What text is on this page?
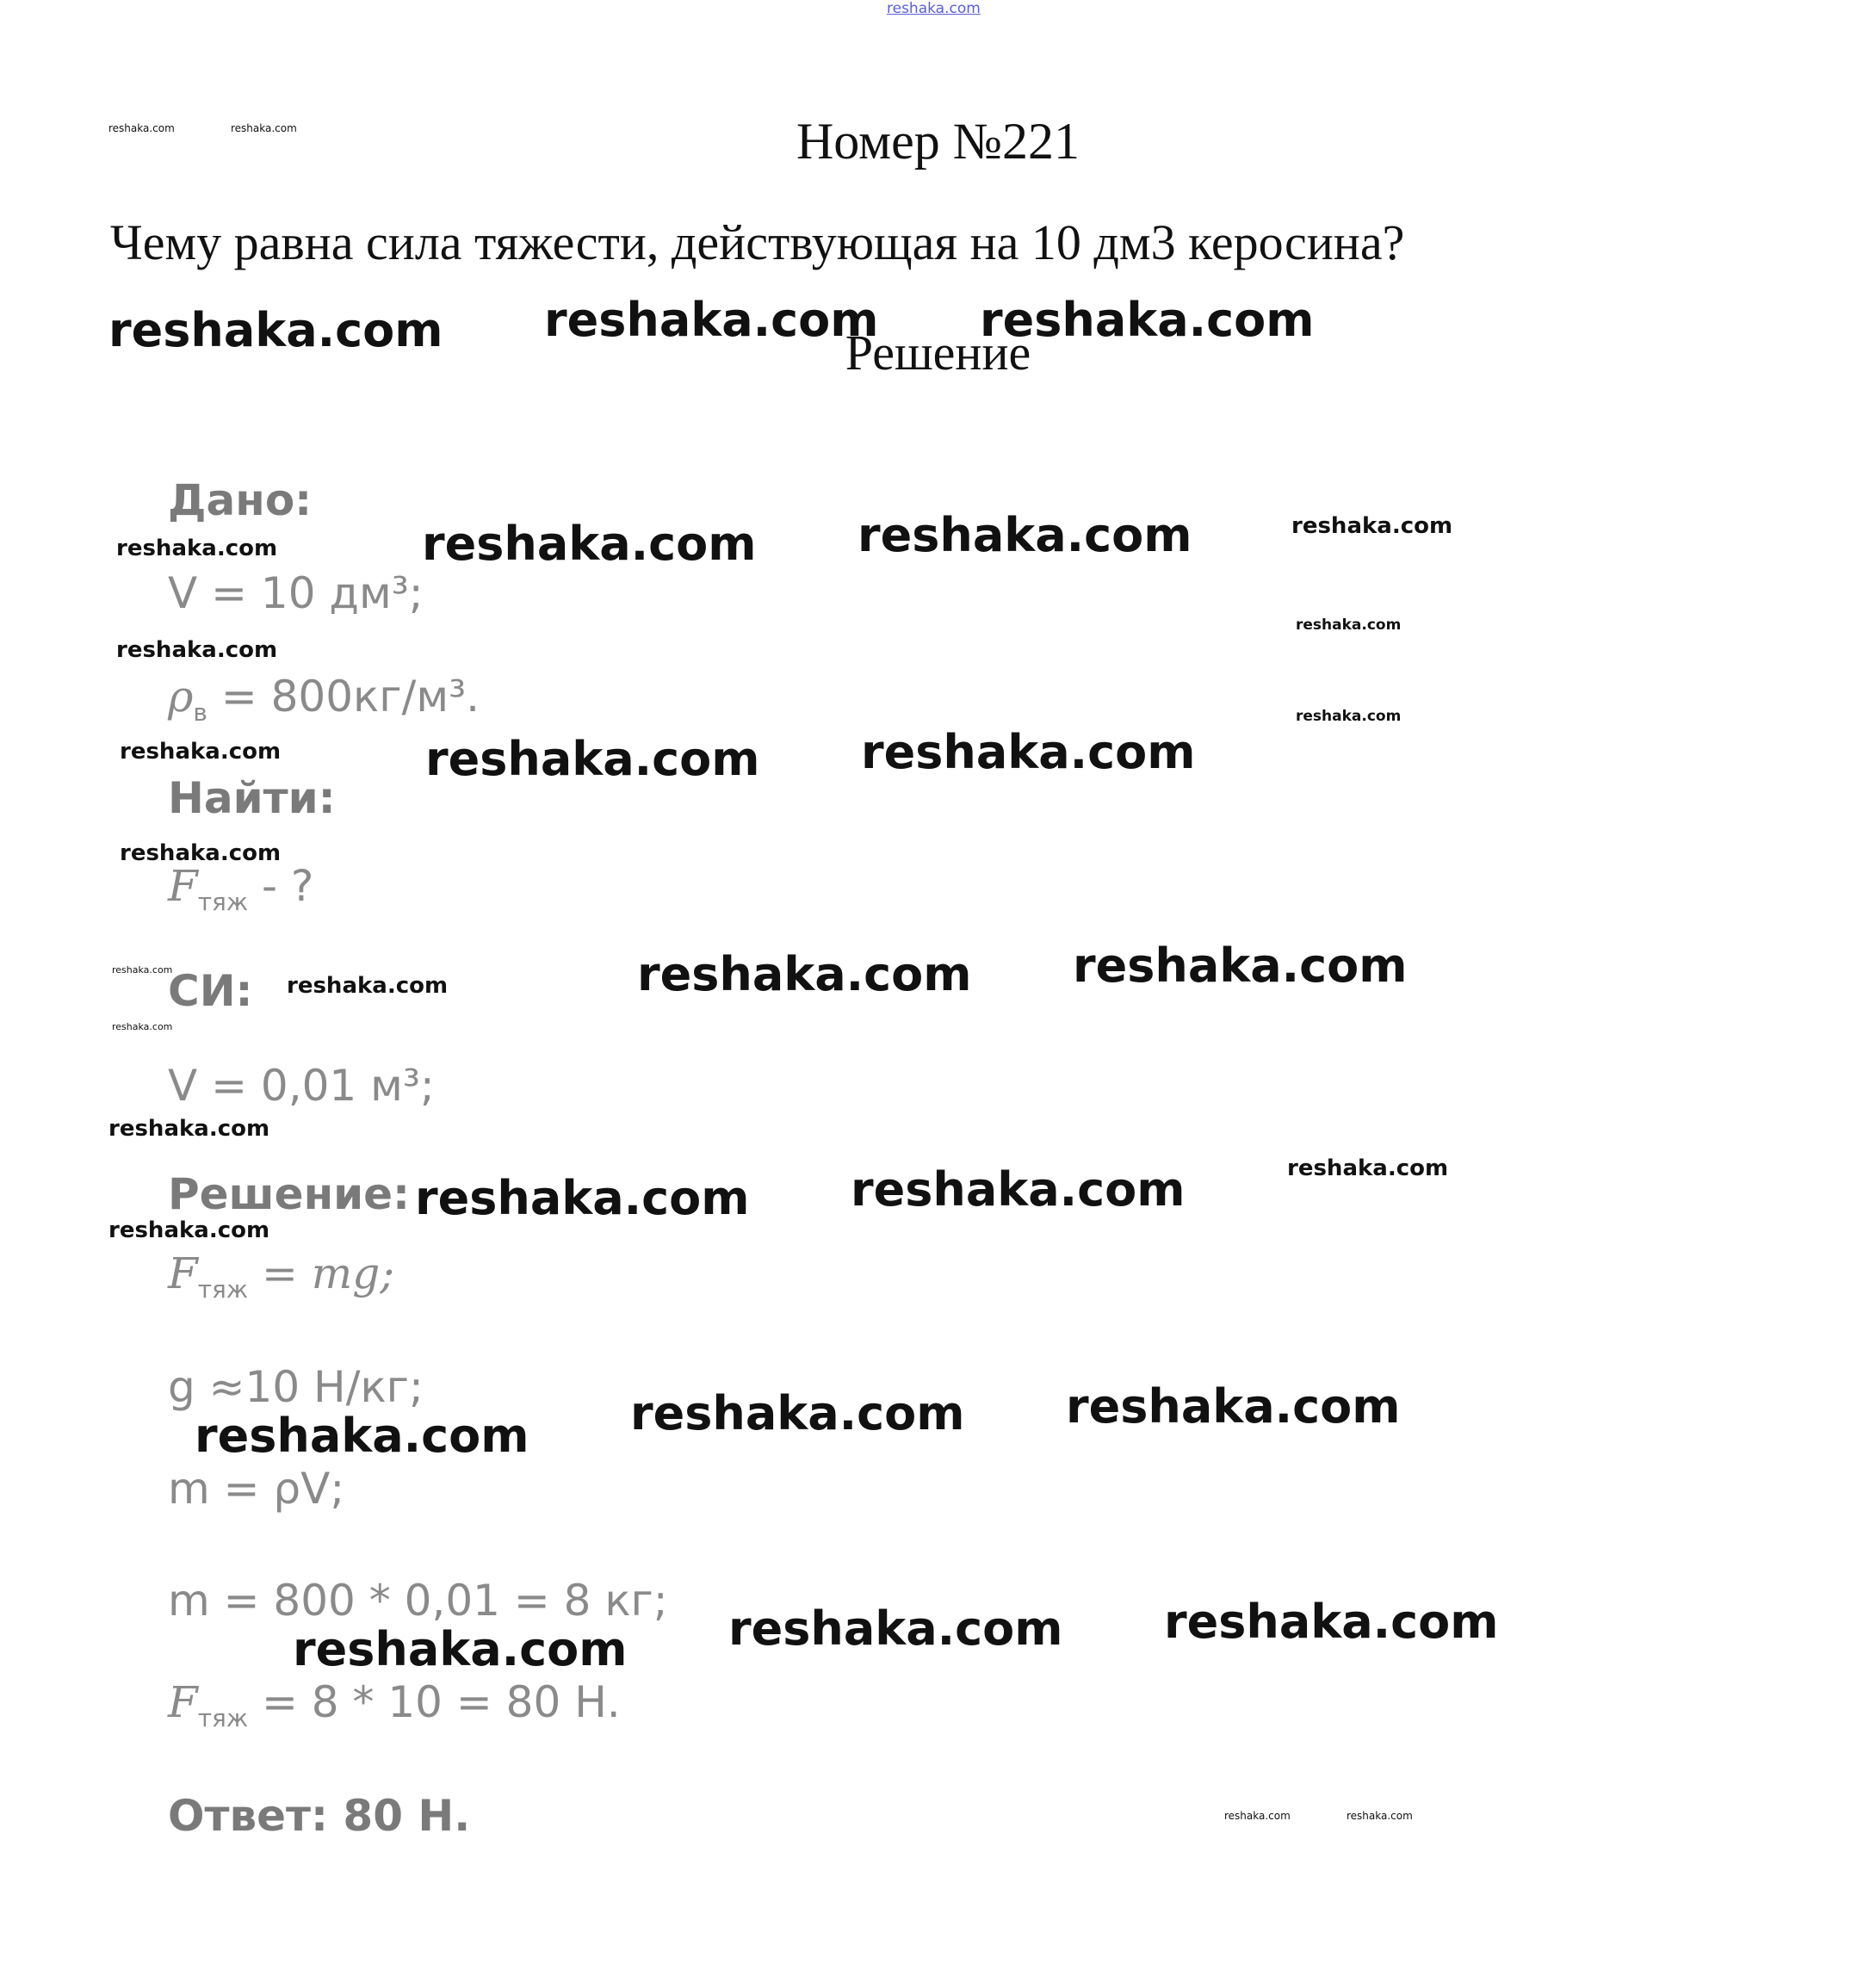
reshaka.com
reshaka.com	reshaka.com	Номер №221
Чему равна сила тяжести, действующая на 10 дм3 керосина?
reshaka.com reshaka.com reshaka.com
Решение
Дано:
V = 10 дм³;
$\rho_в = 800кг/м^3$.
Найти:
$F_{тяж}$ - ?
СИ:
V = 0,01 м³;
Решение:
$F_{тяж}$ = mg;
g ≈10 Н/кг;
m = ρV;
m = 800 * 0,01 = 8 кг;
$F_{тяж} = 8 * 10 = 80$ Н.
Ответ: 80 Н.
reshaka.com	reshaka.com reshaka.com	reshaka.com
reshaka.com
reshaka.com
reshaka.com
reshaka.com	reshaka.com reshaka.com
reshaka.com
reshaka.com
reshaka.com	reshaka.com reshaka.com
reshaka.com
reshaka.com
reshaka.com
reshaka.com reshaka.com
reshaka.com
reshaka.com reshaka.com reshaka.com
reshaka.com reshaka.com reshaka.com
reshaka.com	reshaka.com
